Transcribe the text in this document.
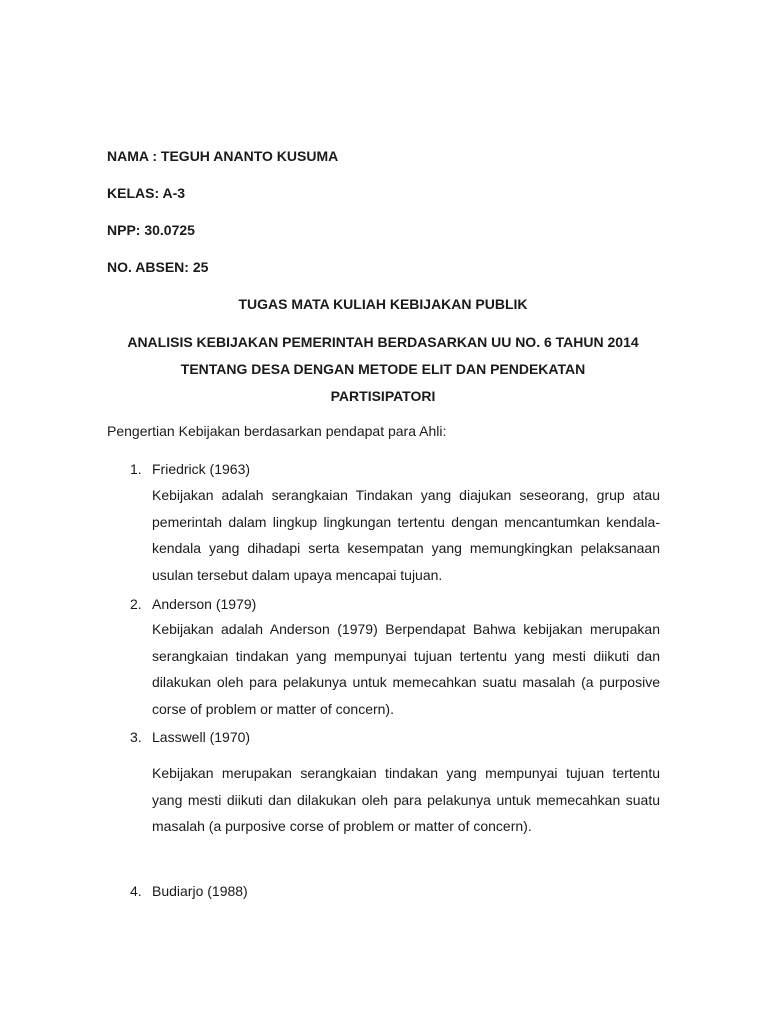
NAMA : TEGUH ANANTO KUSUMA
KELAS: A-3
NPP: 30.0725
NO. ABSEN: 25
TUGAS MATA KULIAH KEBIJAKAN PUBLIK
ANALISIS KEBIJAKAN PEMERINTAH BERDASARKAN UU NO. 6 TAHUN 2014
TENTANG DESA DENGAN METODE ELIT DAN PENDEKATAN
PARTISIPATORI
Pengertian Kebijakan berdasarkan pendapat para Ahli:
1. Friedrick (1963)
Kebijakan adalah serangkaian Tindakan yang diajukan seseorang, grup atau pemerintah dalam lingkup lingkungan tertentu dengan mencantumkan kendala-kendala yang dihadapi serta kesempatan yang memungkingkan pelaksanaan usulan tersebut dalam upaya mencapai tujuan.
2. Anderson (1979)
Kebijakan adalah Anderson (1979) Berpendapat Bahwa kebijakan merupakan serangkaian tindakan yang mempunyai tujuan tertentu yang mesti diikuti dan dilakukan oleh para pelakunya untuk memecahkan suatu masalah (a purposive corse of problem or matter of concern).
3. Lasswell (1970)
Kebijakan merupakan serangkaian tindakan yang mempunyai tujuan tertentu yang mesti diikuti dan dilakukan oleh para pelakunya untuk memecahkan suatu masalah (a purposive corse of problem or matter of concern).
4. Budiarjo (1988)
